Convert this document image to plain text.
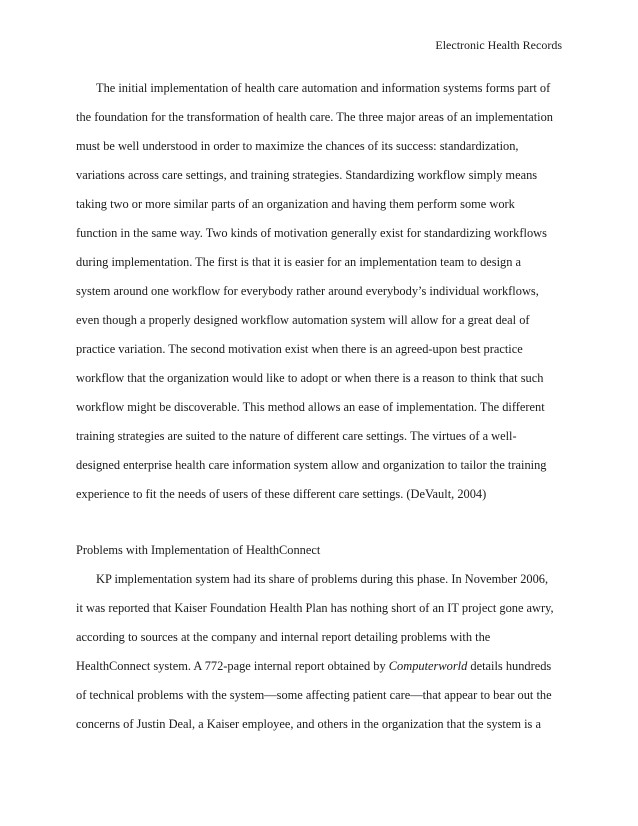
Electronic Health Records
The initial implementation of health care automation and information systems forms part of
the foundation for the transformation of health care. The three major areas of an implementation
must be well understood in order to maximize the chances of its success: standardization,
variations across care settings, and training strategies. Standardizing workflow simply means
taking two or more similar parts of an organization and having them perform some work
function in the same way. Two kinds of motivation generally exist for standardizing workflows
during implementation. The first is that it is easier for an implementation team to design a
system around one workflow for everybody rather around everybody’s individual workflows,
even though a properly designed workflow automation system will allow for a great deal of
practice variation. The second motivation exist when there is an agreed-upon best practice
workflow that the organization would like to adopt or when there is a reason to think that such
workflow might be discoverable. This method allows an ease of implementation. The different
training strategies are suited to the nature of different care settings. The virtues of a well-
designed enterprise health care information system allow and organization to tailor the training
experience to fit the needs of users of these different care settings. (DeVault, 2004)
Problems with Implementation of HealthConnect
KP implementation system had its share of problems during this phase. In November 2006,
it was reported that Kaiser Foundation Health Plan has nothing short of an IT project gone awry,
according to sources at the company and internal report detailing problems with the
HealthConnect system. A 772-page internal report obtained by Computerworld details hundreds
of technical problems with the system—some affecting patient care—that appear to bear out the
concerns of Justin Deal, a Kaiser employee, and others in the organization that the system is a
